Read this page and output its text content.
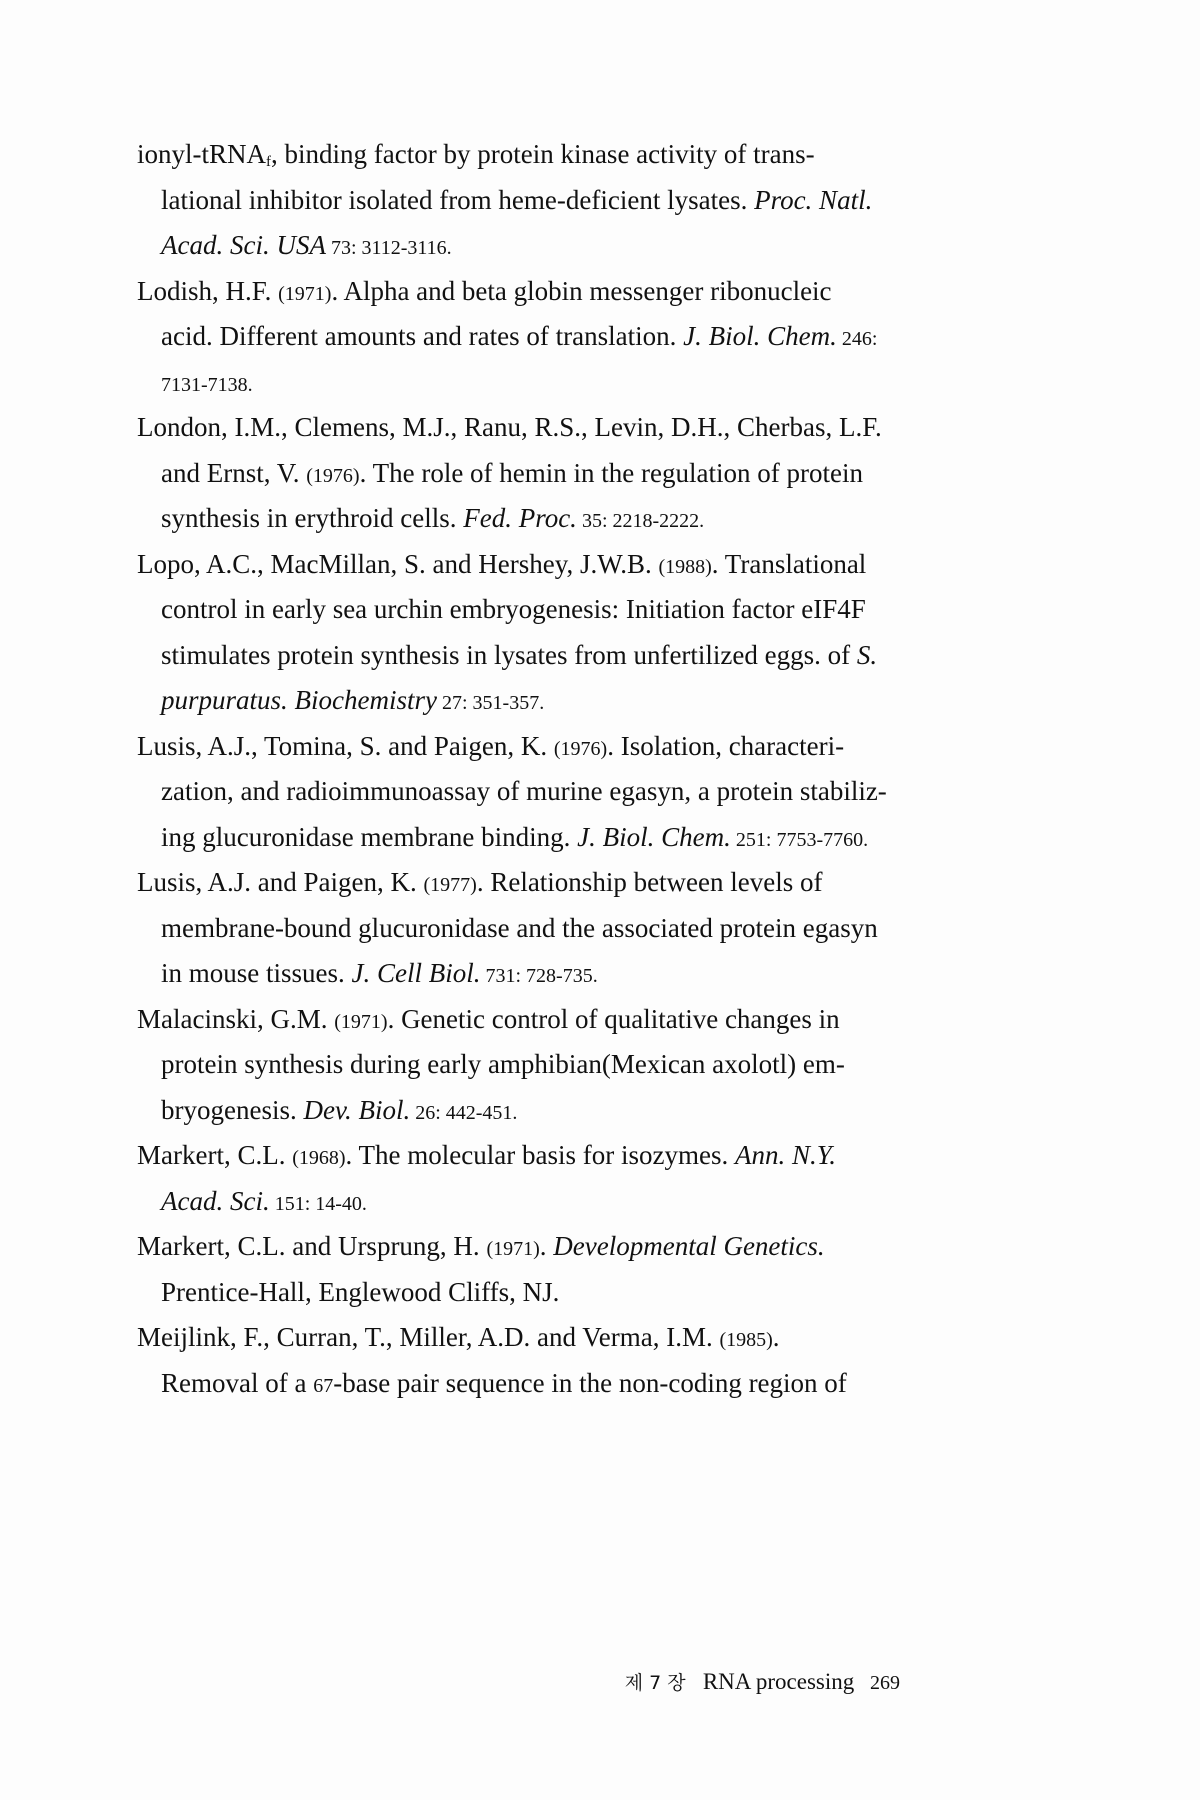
ionyl-tRNA$_f$, binding factor by protein kinase activity of trans-
lational inhibitor isolated from heme-deficient lysates. Proc. Natl.
Acad. Sci. USA 73: 3112-3116.
Lodish, H.F. (1971). Alpha and beta globin messenger ribonucleic
acid. Different amounts and rates of translation. J. Biol. Chem. 246:
7131-7138.
London, I.M., Clemens, M.J., Ranu, R.S., Levin, D.H., Cherbas, L.F.
and Ernst, V. (1976). The role of hemin in the regulation of protein
synthesis in erythroid cells. Fed. Proc. 35: 2218-2222.
Lopo, A.C., MacMillan, S. and Hershey, J.W.B. (1988). Translational
control in early sea urchin embryogenesis: Initiation factor eIF4F
stimulates protein synthesis in lysates from unfertilized eggs. of S.
purpuratus. Biochemistry 27: 351-357.
Lusis, A.J., Tomina, S. and Paigen, K. (1976). Isolation, characteri-
zation, and radioimmunoassay of murine egasyn, a protein stabiliz-
ing glucuronidase membrane binding. J. Biol. Chem. 251: 7753-7760.
Lusis, A.J. and Paigen, K. (1977). Relationship between levels of
membrane-bound glucuronidase and the associated protein egasyn
in mouse tissues. J. Cell Biol. 731: 728-735.
Malacinski, G.M. (1971). Genetic control of qualitative changes in
protein synthesis during early amphibian(Mexican axolotl) em-
bryogenesis. Dev. Biol. 26: 442-451.
Markert, C.L. (1968). The molecular basis for isozymes. Ann. N.Y.
Acad. Sci. 151: 14-40.
Markert, C.L. and Ursprung, H. (1971). Developmental Genetics.
Prentice-Hall, Englewood Cliffs, NJ.
Meijlink, F., Curran, T., Miller, A.D. and Verma, I.M. (1985).
Removal of a 67-base pair sequence in the non-coding region of
제 7 장 RNA processing 269
